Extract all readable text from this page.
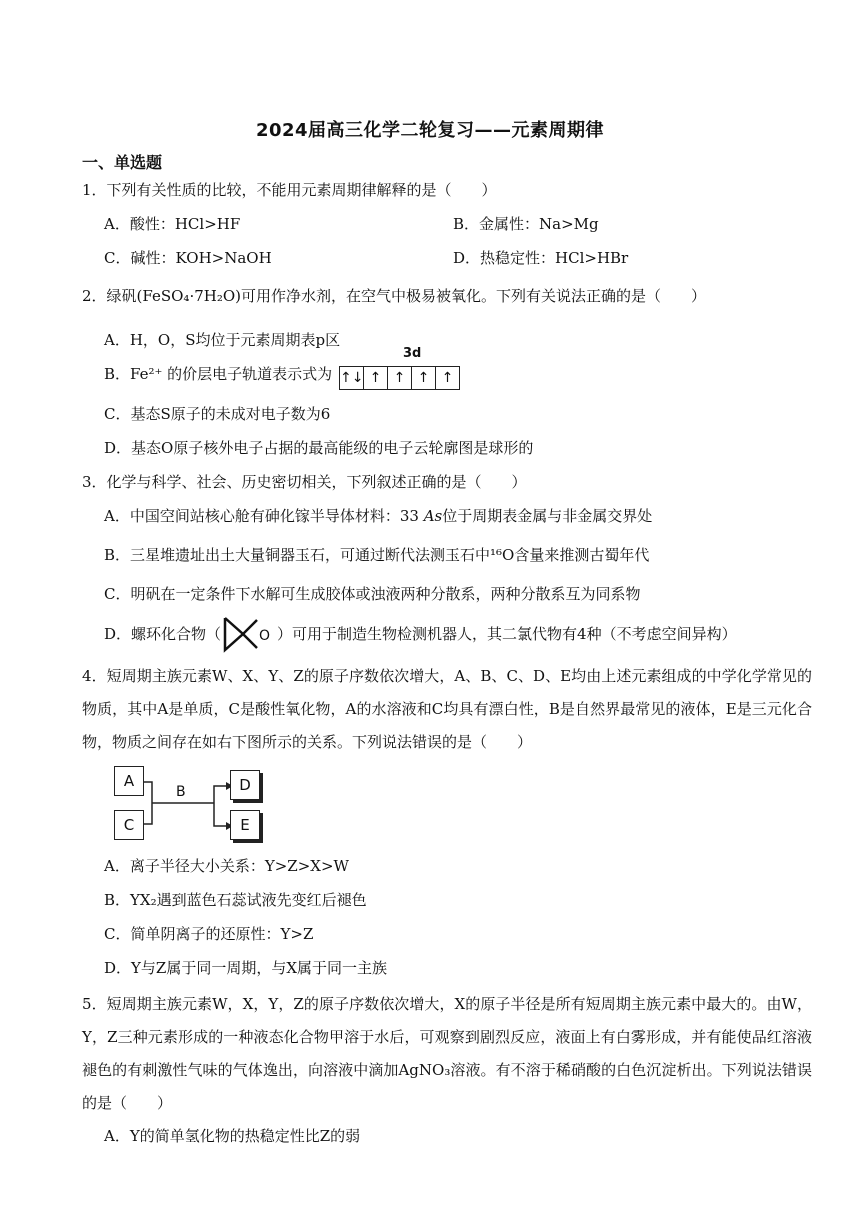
2024届高三化学二轮复习——元素周期律
一、单选题
1．下列有关性质的比较，不能用元素周期律解释的是（　　）
A．酸性：HCl>HF	B．金属性：Na>Mg
C．碱性：KOH>NaOH	D．热稳定性：HCl>HBr
2．绿矾(FeSO₄·7H₂O)可用作净水剂，在空气中极易被氧化。下列有关说法正确的是（　　）
A．H，O，S均位于元素周期表p区
B．Fe²⁺ 的价层电子轨道表示式为
3d
↑↓ ↑ ↑ ↑ ↑
C．基态S原子的未成对电子数为6
D．基态O原子核外电子占据的最高能级的电子云轮廓图是球形的
3．化学与科学、社会、历史密切相关，下列叙述正确的是（　　）
A．中国空间站核心舱有砷化镓半导体材料：33 As位于周期表金属与非金属交界处
B．三星堆遗址出土大量铜器玉石，可通过断代法测玉石中¹⁶O含量来推测古蜀年代
C．明矾在一定条件下水解可生成胶体或浊液两种分散系，两种分散系互为同系物
D．螺环化合物（	O ）可用于制造生物检测机器人，其二氯代物有4种（不考虑空间异构）
4．短周期主族元素W、X、Y、Z的原子序数依次增大，A、B、C、D、E均由上述元素组成的中学化学常见的物质，其中A是单质，C是酸性氧化物，A的水溶液和C均具有漂白性，B是自然界最常见的液体，E是三元化合物，物质之间存在如右下图所示的关系。下列说法错误的是（　　）
A
C
B	D
E
A．离子半径大小关系：Y>Z>X>W
B．YX₂遇到蓝色石蕊试液先变红后褪色
C．简单阴离子的还原性：Y>Z
D．Y与Z属于同一周期，与X属于同一主族
5．短周期主族元素W，X，Y，Z的原子序数依次增大，X的原子半径是所有短周期主族元素中最大的。由W，Y，Z三种元素形成的一种液态化合物甲溶于水后，可观察到剧烈反应，液面上有白雾形成，并有能使品红溶液褪色的有刺激性气味的气体逸出，向溶液中滴加AgNO₃溶液。有不溶于稀硝酸的白色沉淀析出。下列说法错误的是（　　）
A．Y的简单氢化物的热稳定性比Z的弱
